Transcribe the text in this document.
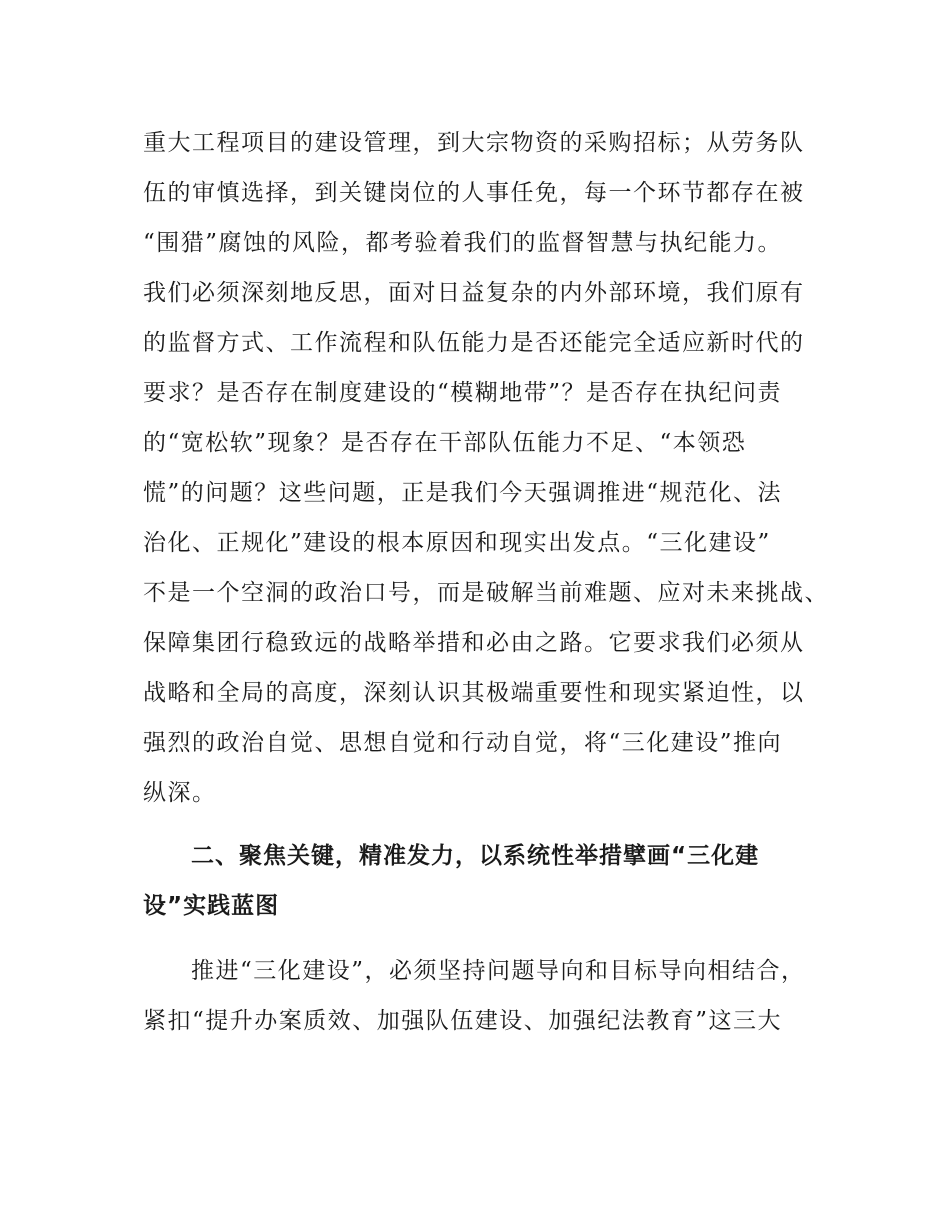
重大工程项目的建设管理，到大宗物资的采购招标；从劳务队
伍的审慎选择，到关键岗位的人事任免，每一个环节都存在被
“围猎”腐蚀的风险，都考验着我们的监督智慧与执纪能力。
我们必须深刻地反思，面对日益复杂的内外部环境，我们原有
的监督方式、工作流程和队伍能力是否还能完全适应新时代的
要求？是否存在制度建设的“模糊地带”？是否存在执纪问责
的“宽松软”现象？是否存在干部队伍能力不足、“本领恐
慌”的问题？这些问题，正是我们今天强调推进“规范化、法
治化、正规化”建设的根本原因和现实出发点。“三化建设”
不是一个空洞的政治口号，而是破解当前难题、应对未来挑战、
保障集团行稳致远的战略举措和必由之路。它要求我们必须从
战略和全局的高度，深刻认识其极端重要性和现实紧迫性，以
强烈的政治自觉、思想自觉和行动自觉，将“三化建设”推向
纵深。
二、聚焦关键，精准发力，以系统性举措擘画“三化建
设”实践蓝图
推进“三化建设”，必须坚持问题导向和目标导向相结合，
紧扣“提升办案质效、加强队伍建设、加强纪法教育”这三大
